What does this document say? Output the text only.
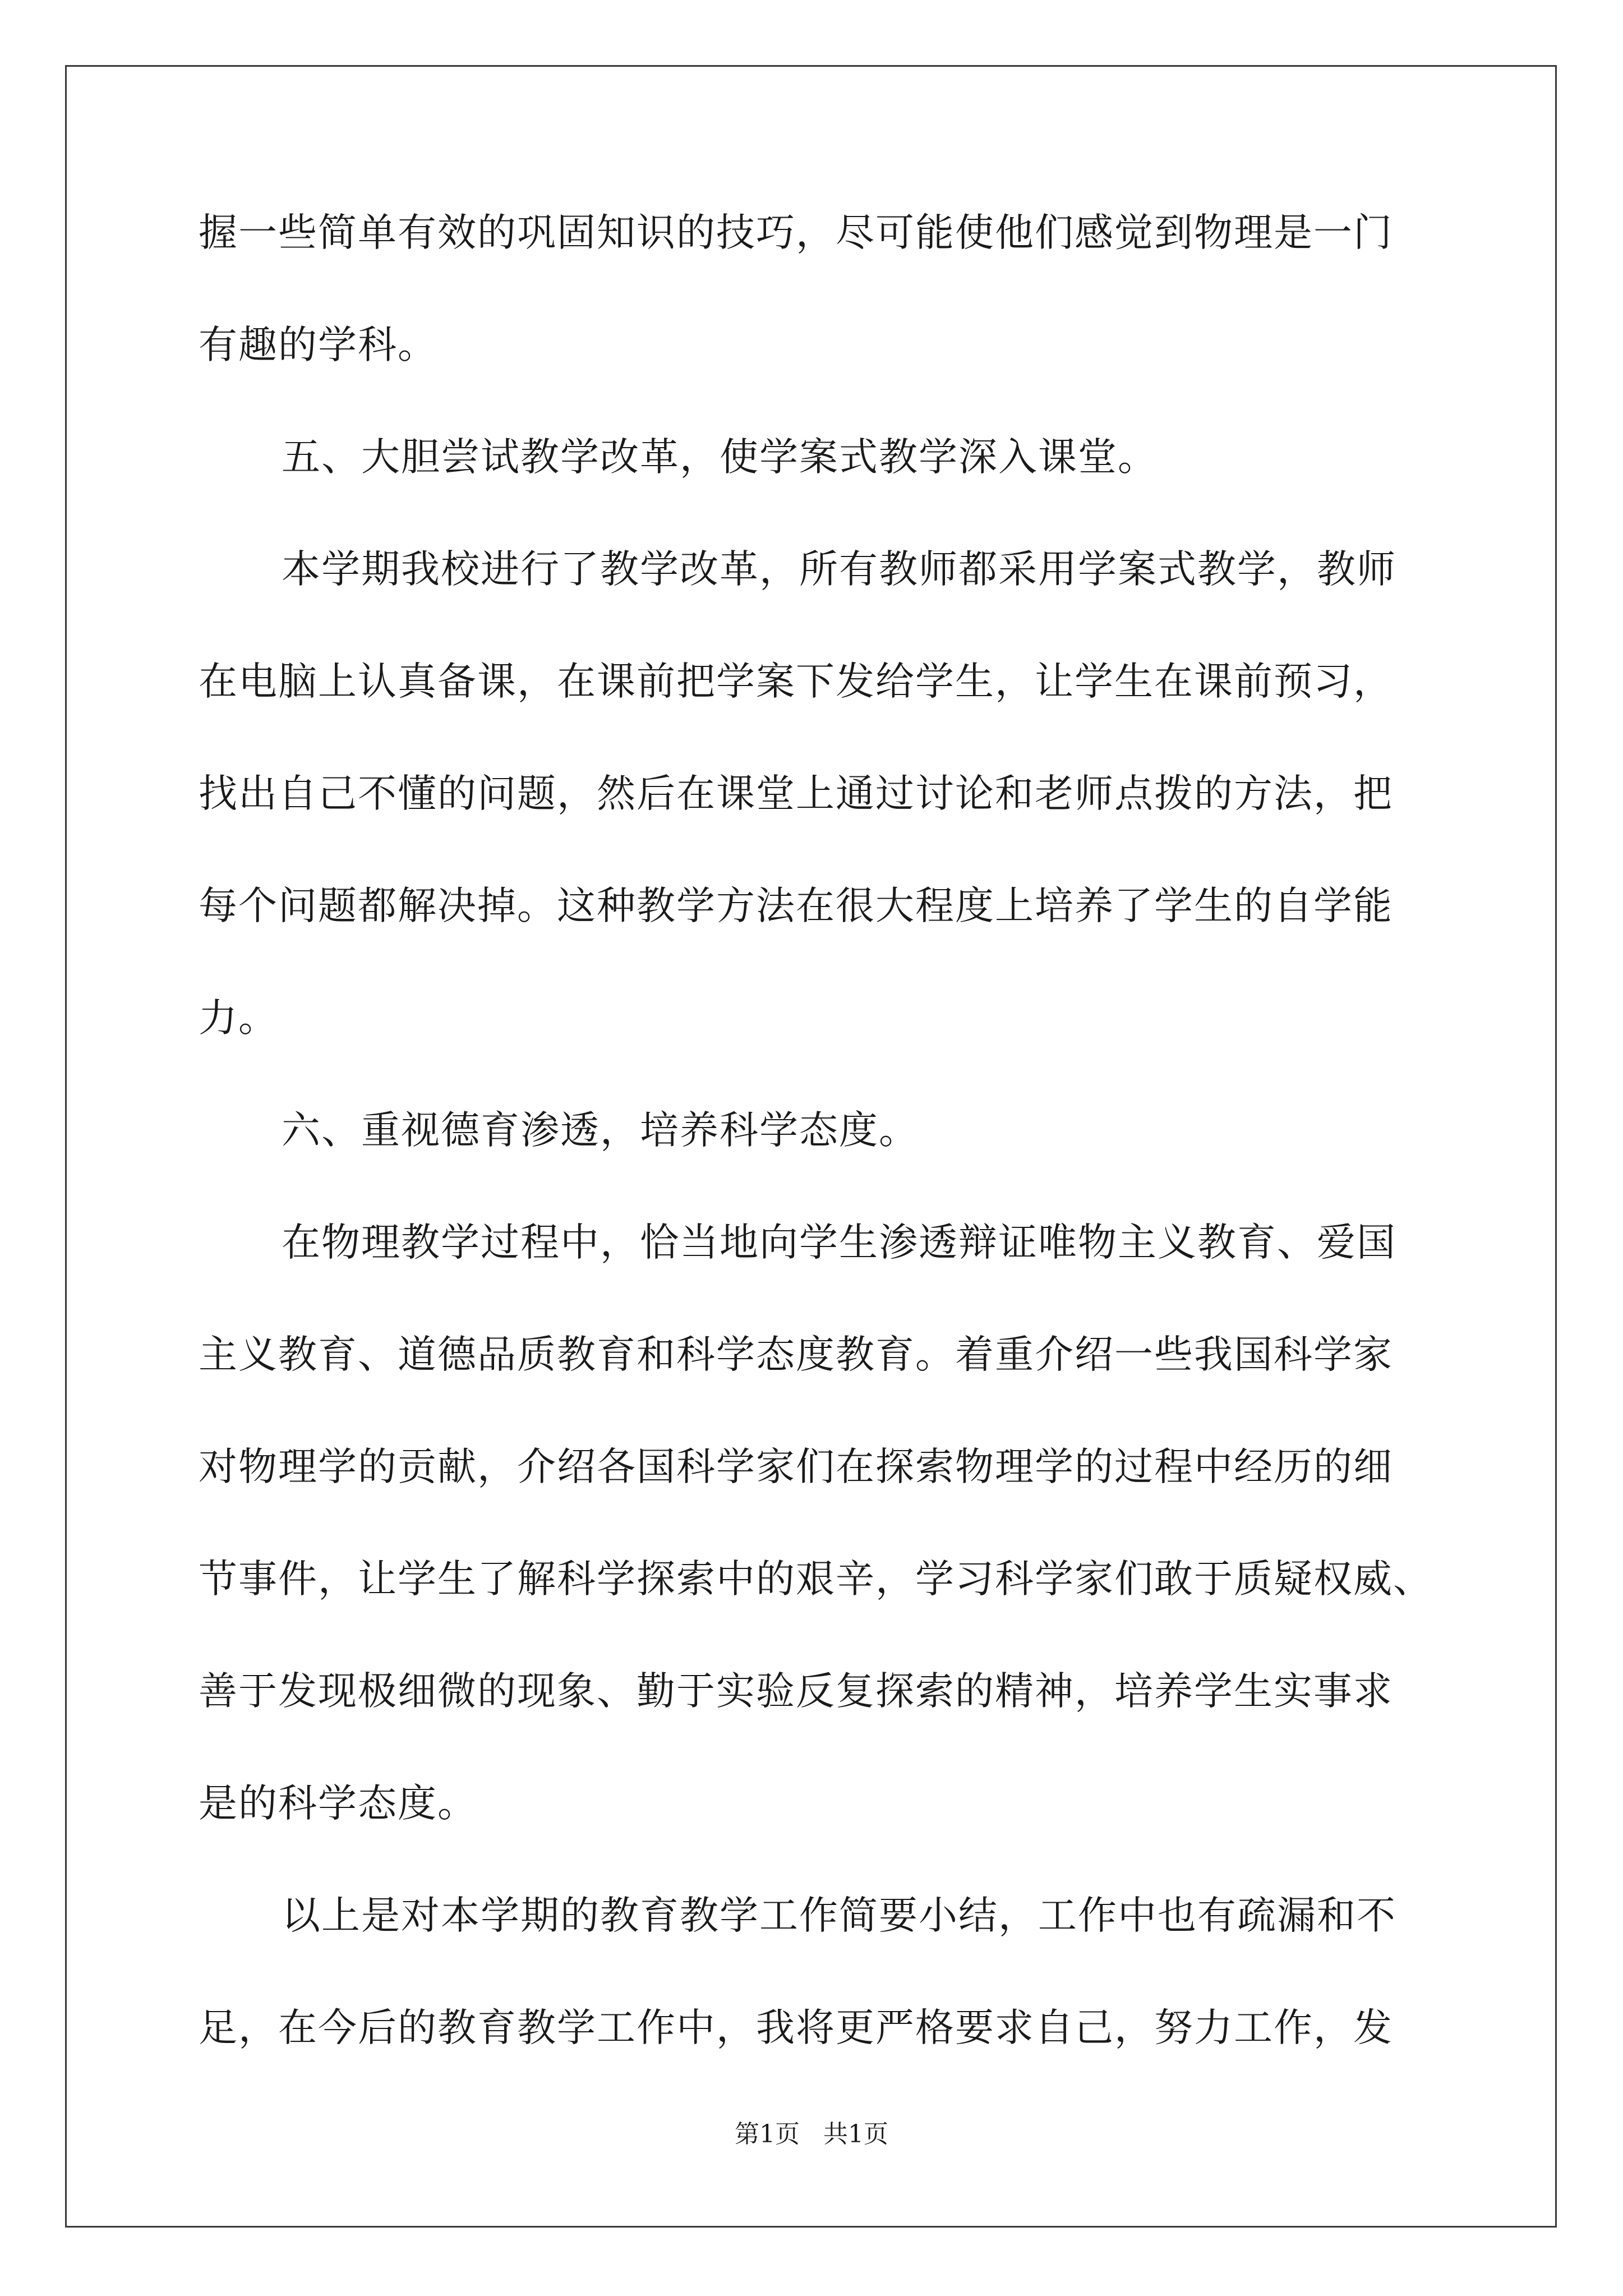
握一些简单有效的巩固知识的技巧，尽可能使他们感觉到物理是一门
有趣的学科。
五、大胆尝试教学改革，使学案式教学深入课堂。
本学期我校进行了教学改革，所有教师都采用学案式教学，教师
在电脑上认真备课，在课前把学案下发给学生，让学生在课前预习，
找出自己不懂的问题，然后在课堂上通过讨论和老师点拨的方法，把
每个问题都解决掉。这种教学方法在很大程度上培养了学生的自学能
力。
六、重视德育渗透，培养科学态度。
在物理教学过程中，恰当地向学生渗透辩证唯物主义教育、爱国
主义教育、道德品质教育和科学态度教育。着重介绍一些我国科学家
对物理学的贡献，介绍各国科学家们在探索物理学的过程中经历的细
节事件，让学生了解科学探索中的艰辛，学习科学家们敢于质疑权威、
善于发现极细微的现象、勤于实验反复探索的精神，培养学生实事求
是的科学态度。
以上是对本学期的教育教学工作简要小结，工作中也有疏漏和不
足，在今后的教育教学工作中，我将更严格要求自己，努力工作，发
第1页   共1页
